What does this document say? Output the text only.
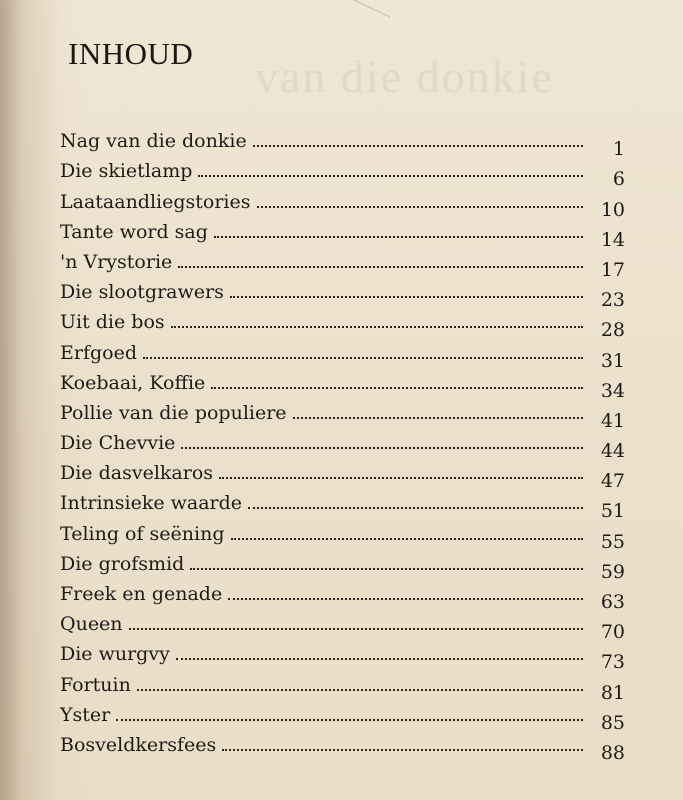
van die donkie
INHOUD
Nag van die donkie	1
Die skietlamp	6
Laataandliegstories	10
Tante word sag	14
'n Vrystorie	17
Die slootgrawers	23
Uit die bos	28
Erfgoed	31
Koebaai, Koffie	34
Pollie van die populiere	41
Die Chevvie	44
Die dasvelkaros	47
Intrinsieke waarde	51
Teling of seëning	55
Die grofsmid	59
Freek en genade	63
Queen	70
Die wurgvy	73
Fortuin	81
Yster	85
Bosveldkersfees	88
